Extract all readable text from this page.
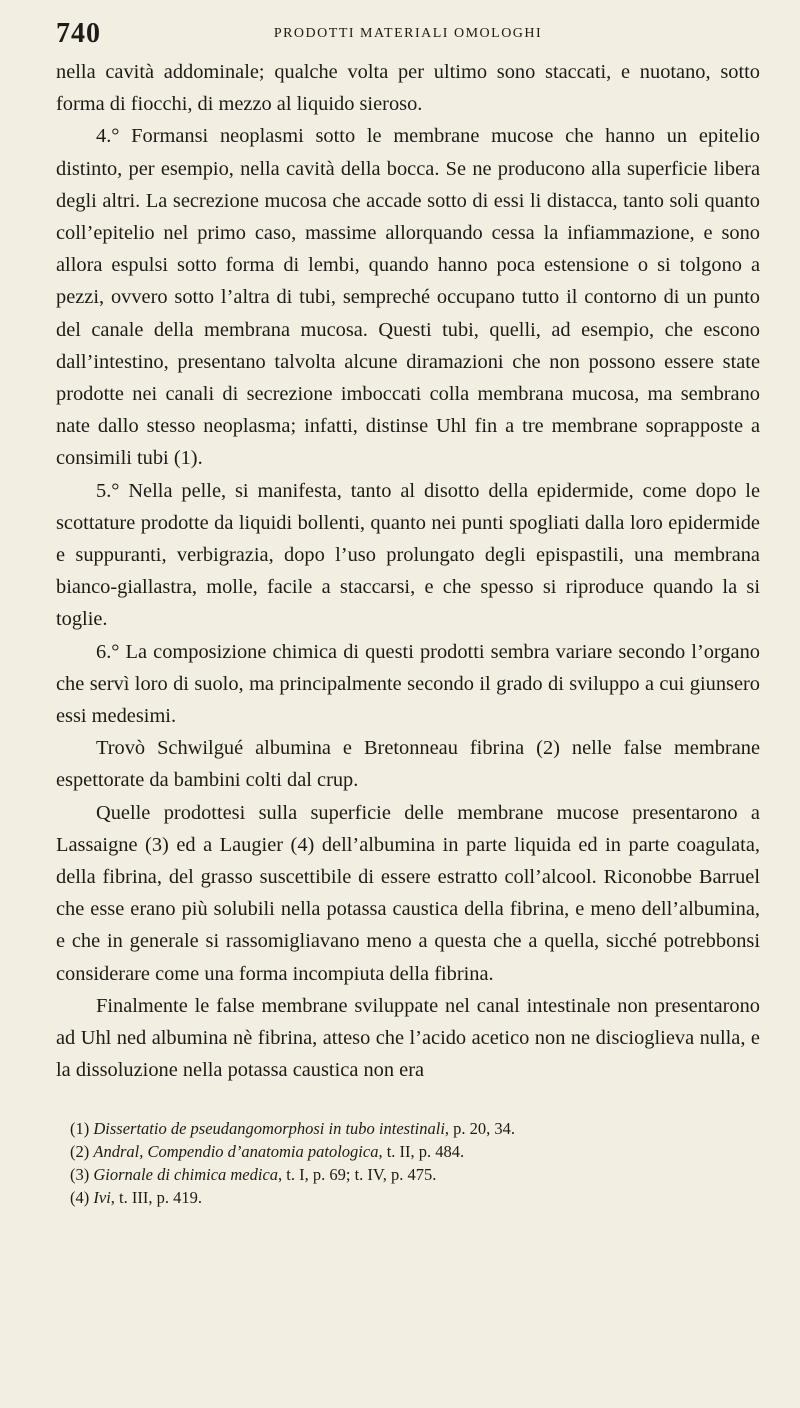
740	PRODOTTI MATERIALI OMOLOGHI

nella cavità addominale; qualche volta per ultimo sono staccati, e nuotano, sotto forma di fiocchi, di mezzo al liquido sieroso.

4.° Formansi neoplasmi sotto le membrane mucose che hanno un epitelio distinto, per esempio, nella cavità della bocca. Se ne producono alla superficie libera degli altri. La secrezione mucosa che accade sotto di essi li distacca, tanto soli quanto coll’epitelio nel primo caso, massime allorquando cessa la infiammazione, e sono allora espulsi sotto forma di lembi, quando hanno poca estensione o si tolgono a pezzi, ovvero sotto l’altra di tubi, sempreché occupano tutto il contorno di un punto del canale della membrana mucosa. Questi tubi, quelli, ad esempio, che escono dall’intestino, presentano talvolta alcune diramazioni che non possono essere state prodotte nei canali di secrezione imboccati colla membrana mucosa, ma sembrano nate dallo stesso neoplasma; infatti, distinse Uhl fin a tre membrane soprapposte a consimili tubi (1).

5.° Nella pelle, si manifesta, tanto al disotto della epidermide, come dopo le scottature prodotte da liquidi bollenti, quanto nei punti spogliati dalla loro epidermide e suppuranti, verbigrazia, dopo l’uso prolungato degli epispastili, una membrana bianco-giallastra, molle, facile a staccarsi, e che spesso si riproduce quando la si toglie.

6.° La composizione chimica di questi prodotti sembra variare secondo l’organo che servì loro di suolo, ma principalmente secondo il grado di sviluppo a cui giunsero essi medesimi.

Trovò Schwilgué albumina e Bretonneau fibrina (2) nelle false membrane espettorate da bambini colti dal crup.

Quelle prodottesi sulla superficie delle membrane mucose presentarono a Lassaigne (3) ed a Laugier (4) dell’albumina in parte liquida ed in parte coagulata, della fibrina, del grasso suscettibile di essere estratto coll’alcool. Riconobbe Barruel che esse erano più solubili nella potassa caustica della fibrina, e meno dell’albumina, e che in generale si rassomigliavano meno a questa che a quella, sicché potrebbonsi considerare come una forma incompiuta della fibrina.

Finalmente le false membrane sviluppate nel canal intestinale non presentarono ad Uhl ned albumina nè fibrina, atteso che l’acido acetico non ne discioglieva nulla, e la dissoluzione nella potassa caustica non era

(1) Dissertatio de pseudangomorphosi in tubo intestinali, p. 20, 34.

(2) Andral, Compendio d’anatomia patologica, t. II, p. 484.

(3) Giornale di chimica medica, t. I, p. 69; t. IV, p. 475.

(4) Ivi, t. III, p. 419.
